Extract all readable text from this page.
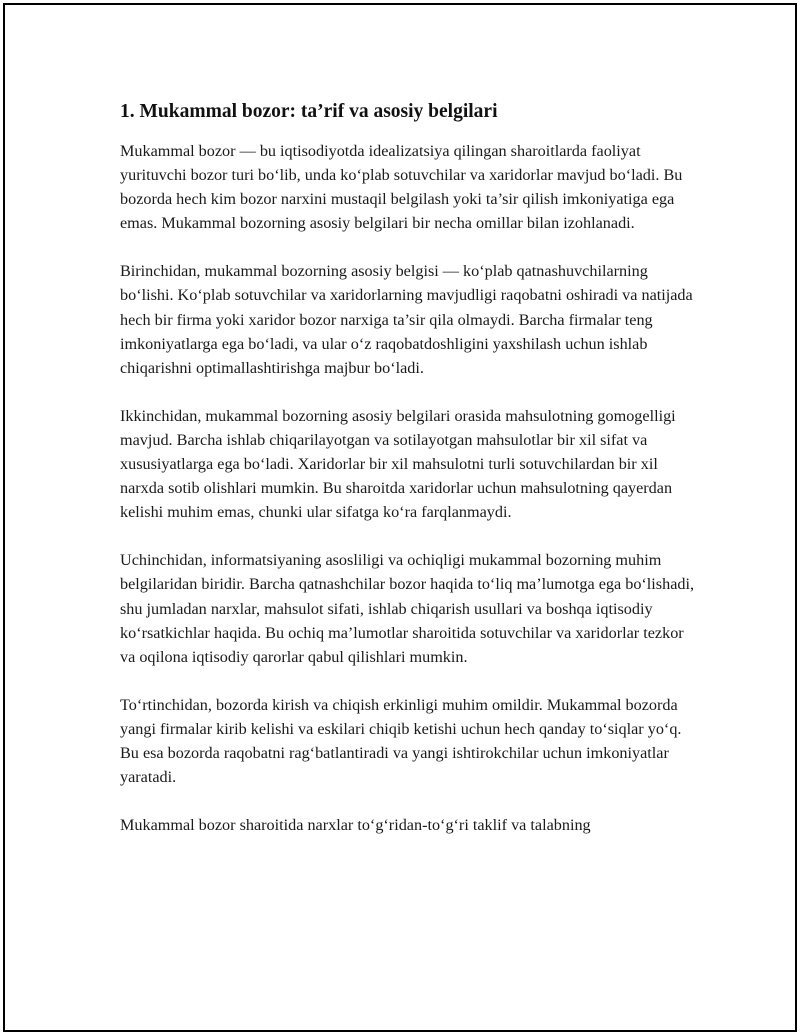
1. Mukammal bozor: ta’rif va asosiy belgilari

Mukammal bozor — bu iqtisodiyotda idealizatsiya qilingan sharoitlarda faoliyat yurituvchi bozor turi bo‘lib, unda ko‘plab sotuvchilar va xaridorlar mavjud bo‘ladi. Bu bozorda hech kim bozor narxini mustaqil belgilash yoki ta’sir qilish imkoniyatiga ega emas. Mukammal bozorning asosiy belgilari bir necha omillar bilan izohlanadi.

Birinchidan, mukammal bozorning asosiy belgisi — ko‘plab qatnashuvchilarning bo‘lishi. Ko‘plab sotuvchilar va xaridorlarning mavjudligi raqobatni oshiradi va natijada hech bir firma yoki xaridor bozor narxiga ta’sir qila olmaydi. Barcha firmalar teng imkoniyatlarga ega bo‘ladi, va ular o‘z raqobatdoshligini yaxshilash uchun ishlab chiqarishni optimallashtirishga majbur bo‘ladi.

Ikkinchidan, mukammal bozorning asosiy belgilari orasida mahsulotning gomogelligi mavjud. Barcha ishlab chiqarilayotgan va sotilayotgan mahsulotlar bir xil sifat va xususiyatlarga ega bo‘ladi. Xaridorlar bir xil mahsulotni turli sotuvchilardan bir xil narxda sotib olishlari mumkin. Bu sharoitda xaridorlar uchun mahsulotning qayerdan kelishi muhim emas, chunki ular sifatga ko‘ra farqlanmaydi.

Uchinchidan, informatsiyaning asosliligi va ochiqligi mukammal bozorning muhim belgilaridan biridir. Barcha qatnashchilar bozor haqida to‘liq ma’lumotga ega bo‘lishadi, shu jumladan narxlar, mahsulot sifati, ishlab chiqarish usullari va boshqa iqtisodiy ko‘rsatkichlar haqida. Bu ochiq ma’lumotlar sharoitida sotuvchilar va xaridorlar tezkor va oqilona iqtisodiy qarorlar qabul qilishlari mumkin.

To‘rtinchidan, bozorda kirish va chiqish erkinligi muhim omildir. Mukammal bozorda yangi firmalar kirib kelishi va eskilari chiqib ketishi uchun hech qanday to‘siqlar yo‘q. Bu esa bozorda raqobatni rag‘batlantiradi va yangi ishtirokchilar uchun imkoniyatlar yaratadi.

Mukammal bozor sharoitida narxlar to‘g‘ridan-to‘g‘ri taklif va talabning
